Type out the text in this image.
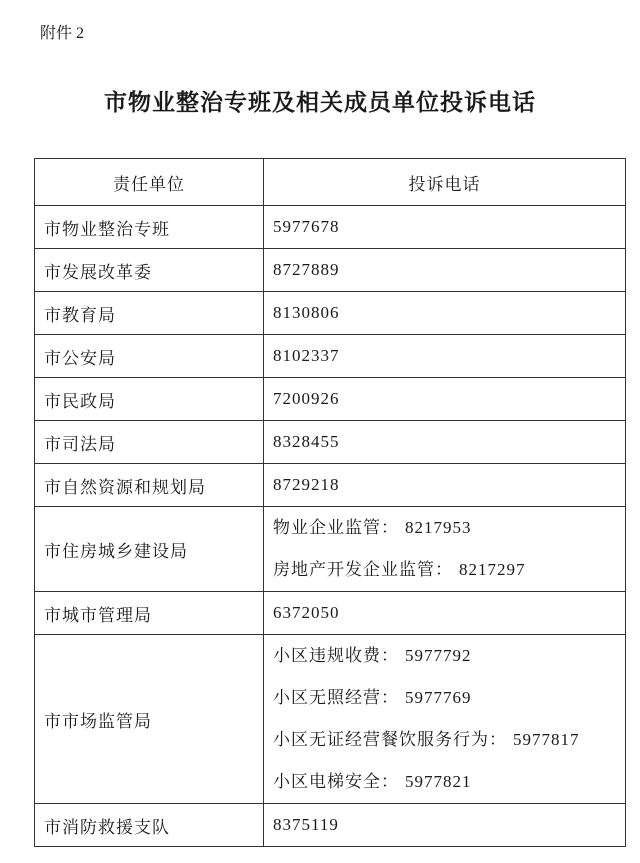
附件 2
市物业整治专班及相关成员单位投诉电话
责任单位	投诉电话
市物业整治专班	5977678

市发展改革委	8727889

市教育局	8130806

市公安局	8102337

市民政局	7200926

市司法局	8328455

市自然资源和规划局	8729218

市住房城乡建设局	物业企业监管： 8217953
房地产开发企业监管： 8217297

市城市管理局	6372050

市市场监管局	小区违规收费： 5977792
小区无照经营： 5977769
小区无证经营餐饮服务行为： 5977817
小区电梯安全： 5977821

市消防救援支队	8375119
